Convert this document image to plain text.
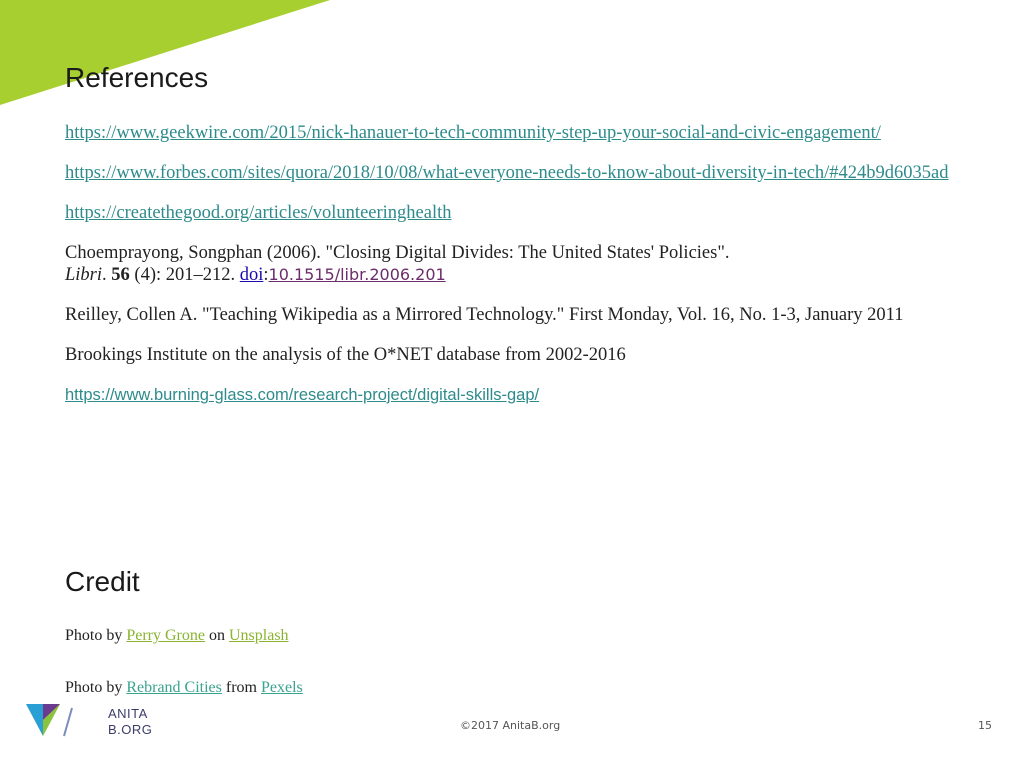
References

https://www.geekwire.com/2015/nick-hanauer-to-tech-community-step-up-your-social-and-civic-engagement/

https://www.forbes.com/sites/quora/2018/10/08/what-everyone-needs-to-know-about-diversity-in-tech/#424b9d6035ad

https://createthegood.org/articles/volunteeringhealth

Choemprayong, Songphan (2006). "Closing Digital Divides: The United States' Policies".
Libri. 56 (4): 201–212. doi:10.1515/libr.2006.201

Reilley, Collen A. "Teaching Wikipedia as a Mirrored Technology." First Monday, Vol. 16, No. 1-3, January 2011

Brookings Institute on the analysis of the O*NET database from 2002-2016

https://www.burning-glass.com/research-project/digital-skills-gap/

Credit
Photo by Perry Grone on Unsplash
Photo by Rebrand Cities from Pexels
ANITA
B.ORG	©2017 AnitaB.org	15
